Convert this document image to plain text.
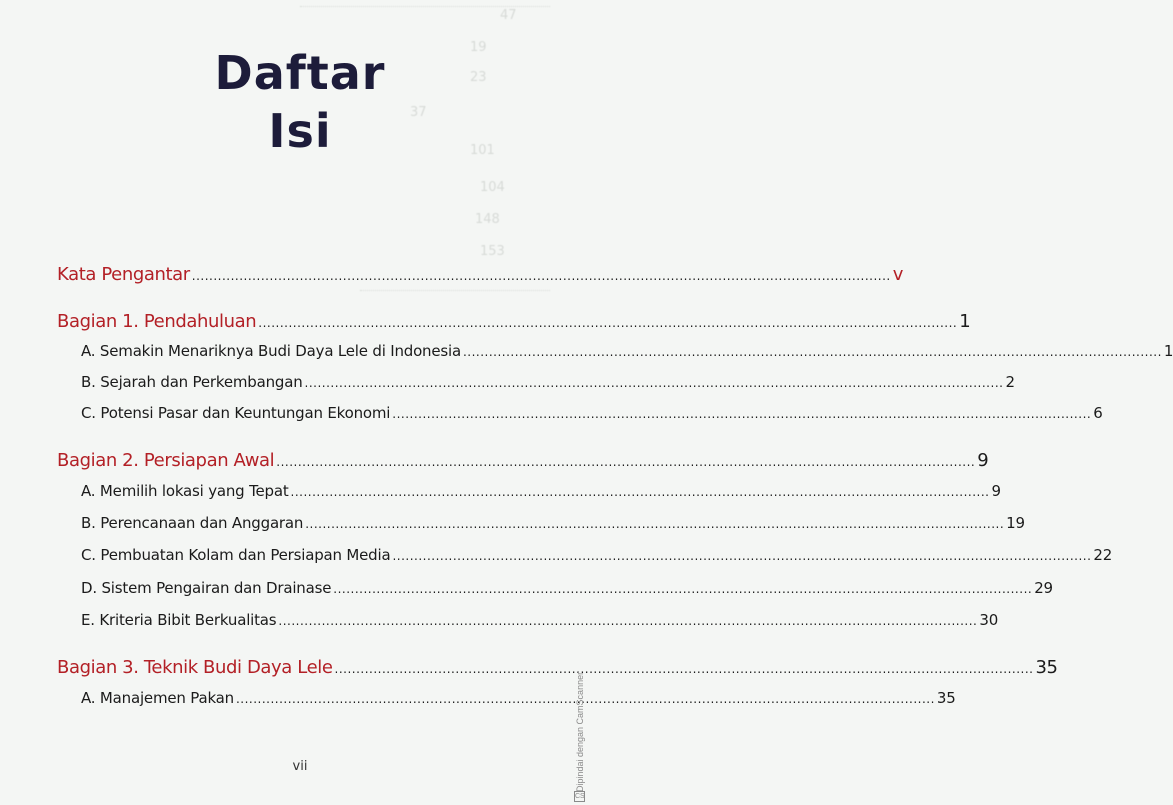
47
19
23
37
101
104
148
153
Daftar
Isi
Kata Pengantar .................................................................................................................................................................. v
Bagian 1. Pendahuluan .................................................................................................................................................................. 1
A. Semakin Menariknya Budi Daya Lele di Indonesia .................................................................................................................................................................. 1
B. Sejarah dan Perkembangan .................................................................................................................................................................. 2
C. Potensi Pasar dan Keuntungan Ekonomi .................................................................................................................................................................. 6
Bagian 2. Persiapan Awal .................................................................................................................................................................. 9
A. Memilih lokasi yang Tepat .................................................................................................................................................................. 9
B. Perencanaan dan Anggaran .................................................................................................................................................................. 19
C. Pembuatan Kolam dan Persiapan Media .................................................................................................................................................................. 22
D. Sistem Pengairan dan Drainase .................................................................................................................................................................. 29
E. Kriteria Bibit Berkualitas .................................................................................................................................................................. 30
Bagian 3. Teknik Budi Daya Lele .................................................................................................................................................................. 35
A. Manajemen Pakan .................................................................................................................................................................. 35
vii
CS
Dipindai dengan CamScanner
